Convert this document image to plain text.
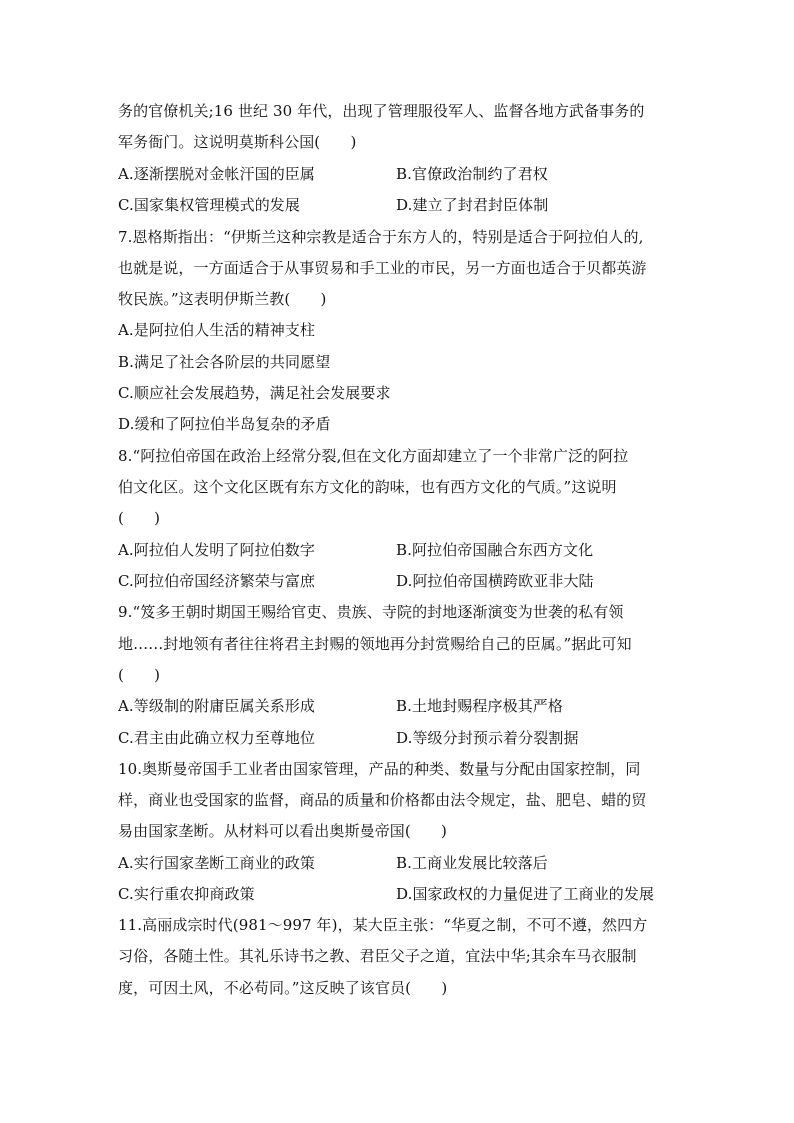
务的官僚机关;16 世纪 30 年代，出现了管理服役军人、监督各地方武备事务的
军务衙门。这说明莫斯科公国(　　)
A.逐渐摆脱对金帐汗国的臣属	B.官僚政治制约了君权
C.国家集权管理模式的发展	D.建立了封君封臣体制
7.恩格斯指出：“伊斯兰这种宗教是适合于东方人的，特别是适合于阿拉伯人的,
也就是说，一方面适合于从事贸易和手工业的市民，另一方面也适合于贝都英游
牧民族。”这表明伊斯兰教(　　)
A.是阿拉伯人生活的精神支柱
B.满足了社会各阶层的共同愿望
C.顺应社会发展趋势，满足社会发展要求
D.缓和了阿拉伯半岛复杂的矛盾
8.“阿拉伯帝国在政治上经常分裂,但在文化方面却建立了一个非常广泛的阿拉
伯文化区。这个文化区既有东方文化的韵味，也有西方文化的气质。”这说明
(　　)
A.阿拉伯人发明了阿拉伯数字	B.阿拉伯帝国融合东西方文化
C.阿拉伯帝国经济繁荣与富庶	D.阿拉伯帝国横跨欧亚非大陆
9.“笈多王朝时期国王赐给官吏、贵族、寺院的封地逐渐演变为世袭的私有领
地……封地领有者往往将君主封赐的领地再分封赏赐给自己的臣属。”据此可知
(　　)
A.等级制的附庸臣属关系形成	B.土地封赐程序极其严格
C.君主由此确立权力至尊地位	D.等级分封预示着分裂割据
10.奥斯曼帝国手工业者由国家管理，产品的种类、数量与分配由国家控制，同
样，商业也受国家的监督，商品的质量和价格都由法令规定，盐、肥皂、蜡的贸
易由国家垄断。从材料可以看出奥斯曼帝国(　　)
A.实行国家垄断工商业的政策	B.工商业发展比较落后
C.实行重农抑商政策	D.国家政权的力量促进了工商业的发展
11.高丽成宗时代(981～997 年)，某大臣主张：“华夏之制，不可不遵，然四方
习俗，各随土性。其礼乐诗书之教、君臣父子之道，宜法中华;其余车马衣服制
度，可因土风，不必苟同。”这反映了该官员(　　)
